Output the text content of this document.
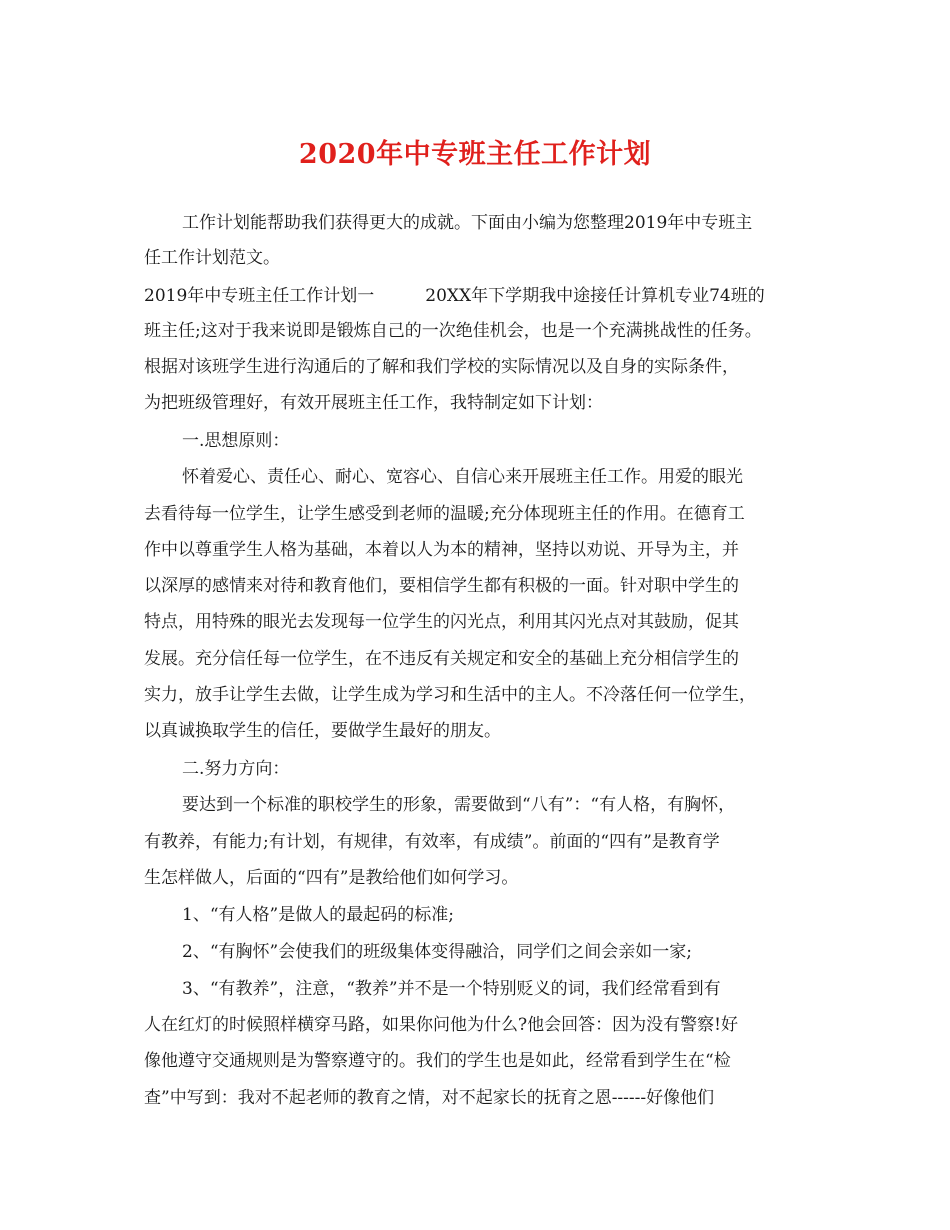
2020年中专班主任工作计划
工作计划能帮助我们获得更大的成就。下面由小编为您整理2019年中专班主
任工作计划范文。
2019年中专班主任工作计划一　　　20XX年下学期我中途接任计算机专业74班的
班主任;这对于我来说即是锻炼自己的一次绝佳机会，也是一个充满挑战性的任务。
根据对该班学生进行沟通后的了解和我们学校的实际情况以及自身的实际条件，
为把班级管理好，有效开展班主任工作，我特制定如下计划：
一.思想原则：
怀着爱心、责任心、耐心、宽容心、自信心来开展班主任工作。用爱的眼光
去看待每一位学生，让学生感受到老师的温暖;充分体现班主任的作用。在德育工
作中以尊重学生人格为基础，本着以人为本的精神，坚持以劝说、开导为主，并
以深厚的感情来对待和教育他们，要相信学生都有积极的一面。针对职中学生的
特点，用特殊的眼光去发现每一位学生的闪光点，利用其闪光点对其鼓励，促其
发展。充分信任每一位学生，在不违反有关规定和安全的基础上充分相信学生的
实力，放手让学生去做，让学生成为学习和生活中的主人。不冷落任何一位学生，
以真诚换取学生的信任，要做学生最好的朋友。
二.努力方向：
要达到一个标准的职校学生的形象，需要做到“八有”：“有人格，有胸怀，
有教养，有能力;有计划，有规律，有效率，有成绩”。前面的“四有”是教育学
生怎样做人，后面的“四有”是教给他们如何学习。
1、“有人格”是做人的最起码的标准;
2、“有胸怀”会使我们的班级集体变得融洽，同学们之间会亲如一家;
3、“有教养”，注意，“教养”并不是一个特别贬义的词，我们经常看到有
人在红灯的时候照样横穿马路，如果你问他为什么?他会回答：因为没有警察!好
像他遵守交通规则是为警察遵守的。我们的学生也是如此，经常看到学生在“检
查”中写到：我对不起老师的教育之情，对不起家长的抚育之恩------好像他们
